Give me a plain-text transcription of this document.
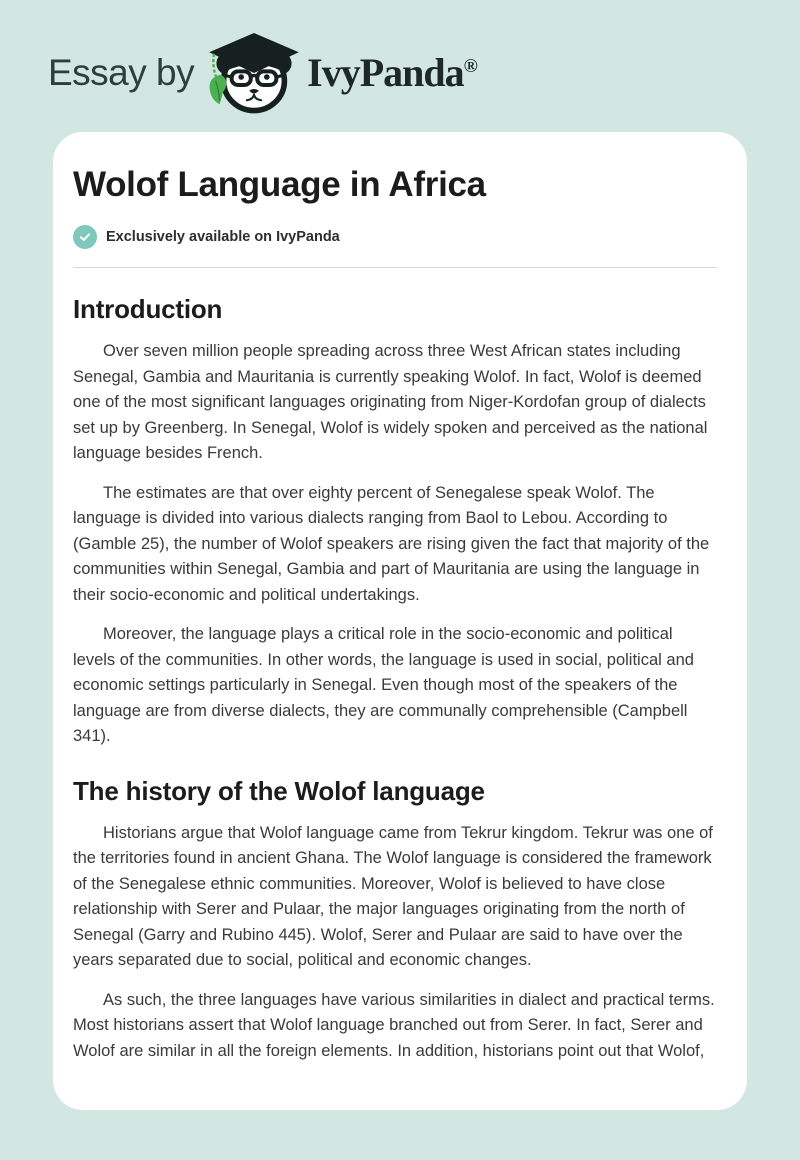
Essay by	IvyPanda®
Wolof Language in Africa
Exclusively available on IvyPanda
Introduction

Over seven million people spreading across three West African states including Senegal, Gambia and Mauritania is currently speaking Wolof. In fact, Wolof is deemed one of the most significant languages originating from Niger-Kordofan group of dialects set up by Greenberg. In Senegal, Wolof is widely spoken and perceived as the national language besides French.

The estimates are that over eighty percent of Senegalese speak Wolof. The language is divided into various dialects ranging from Baol to Lebou. According to (Gamble 25), the number of Wolof speakers are rising given the fact that majority of the communities within Senegal, Gambia and part of Mauritania are using the language in their socio-economic and political undertakings.

Moreover, the language plays a critical role in the socio-economic and political levels of the communities. In other words, the language is used in social, political and economic settings particularly in Senegal. Even though most of the speakers of the language are from diverse dialects, they are communally comprehensible (Campbell 341).

The history of the Wolof language

Historians argue that Wolof language came from Tekrur kingdom. Tekrur was one of the territories found in ancient Ghana. The Wolof language is considered the framework of the Senegalese ethnic communities. Moreover, Wolof is believed to have close relationship with Serer and Pulaar, the major languages originating from the north of Senegal (Garry and Rubino 445). Wolof, Serer and Pulaar are said to have over the years separated due to social, political and economic changes.

As such, the three languages have various similarities in dialect and practical terms. Most historians assert that Wolof language branched out from Serer. In fact, Serer and Wolof are similar in all the foreign elements. In addition, historians point out that Wolof,
